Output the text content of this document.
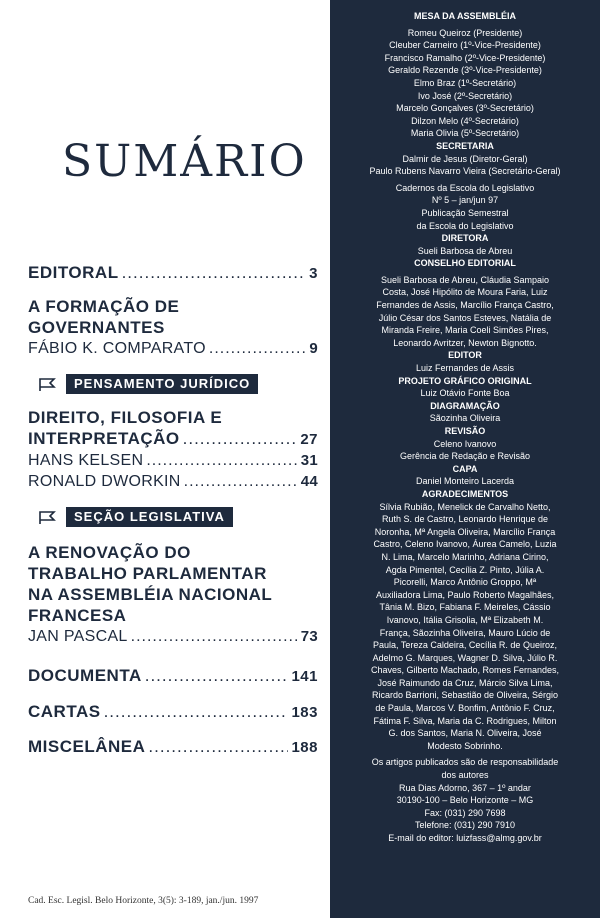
SUMÁRIO
EDITORAL .....	3
A FORMAÇÃO DE
GOVERNANTES
FÁBIO K. COMPARATO .....	9
PENSAMENTO JURÍDICO
DIREITO, FILOSOFIA E
INTERPRETAÇÃO .....	27
HANS KELSEN .....	31
RONALD DWORKIN .....	44
SEÇÃO LEGISLATIVA
A RENOVAÇÃO DO
TRABALHO PARLAMENTAR
NA ASSEMBLÉIA NACIONAL
FRANCESA
JAN PASCAL .....	73
DOCUMENTA .....	141
CARTAS .....	183
MISCELÂNEA .....	188
Cad. Esc. Legisl. Belo Horizonte, 3(5): 3-189, jan./jun. 1997
MESA DA ASSEMBLÉIA
Romeu Queiroz (Presidente)
Cleuber Carneiro (1º-Vice-Presidente)
Francisco Ramalho (2º-Vice-Presidente)
Geraldo Rezende (3º-Vice-Presidente)
Elmo Braz (1º-Secretário)
Ivo José (2º-Secretário)
Marcelo Gonçalves (3º-Secretário)
Dilzon Melo (4º-Secretário)
Maria Olivia (5º-Secretário)
SECRETARIA
Dalmir de Jesus (Diretor-Geral)
Paulo Rubens Navarro Vieira (Secretário-Geral)
Cadernos da Escola do Legislativo
Nº 5 – jan/jun 97
Publicação Semestral
da Escola do Legislativo
DIRETORA
Sueli Barbosa de Abreu
CONSELHO EDITORIAL
Sueli Barbosa de Abreu, Cláudia Sampaio
Costa, José Hipólito de Moura Faria, Luiz
Fernandes de Assis, Marcílio França Castro,
Júlio César dos Santos Esteves, Natália de
Miranda Freire, Maria Coeli Simões Pires,
Leonardo Avritzer, Newton Bignotto.
EDITOR
Luiz Fernandes de Assis
PROJETO GRÁFICO ORIGINAL
Luiz Otávio Fonte Boa
DIAGRAMAÇÃO
Sãozinha Oliveira
REVISÃO
Celeno Ivanovo
Gerência de Redação e Revisão
CAPA
Daniel Monteiro Lacerda
AGRADECIMENTOS
Sílvia Rubião, Menelick de Carvalho Netto,
Ruth S. de Castro, Leonardo Henrique de
Noronha, Mª Angela Oliveira, Marcílio França
Castro, Celeno Ivanovo, Áurea Camelo, Luzia
N. Lima, Marcelo Marinho, Adriana Cirino,
Agda Pimentel, Cecília Z. Pinto, Júlia A.
Picorelli, Marco Antônio Groppo, Mª
Auxiliadora Lima, Paulo Roberto Magalhães,
Tânia M. Bizo, Fabiana F. Meireles, Cássio
Ivanovo, Itália Grisolia, Mª Elizabeth M.
França, Sãozinha Oliveira, Mauro Lúcio de
Paula, Tereza Caldeira, Cecília R. de Queiroz,
Adelmo G. Marques, Wagner D. Silva, Júlio R.
Chaves, Gilberto Machado, Romes Fernandes,
José Raimundo da Cruz, Márcio Silva Lima,
Ricardo Barrioni, Sebastião de Oliveira, Sérgio
de Paula, Marcos V. Bonfim, Antônio F. Cruz,
Fátima F. Silva, Maria da C. Rodrigues, Milton
G. dos Santos, Maria N. Oliveira, José
Modesto Sobrinho.
Os artigos publicados são de responsabilidade
dos autores
Rua Dias Adorno, 367 – 1º andar
30190-100 – Belo Horizonte – MG
Fax: (031) 290 7698
Telefone: (031) 290 7910
E-mail do editor: luizfass@almg.gov.br
